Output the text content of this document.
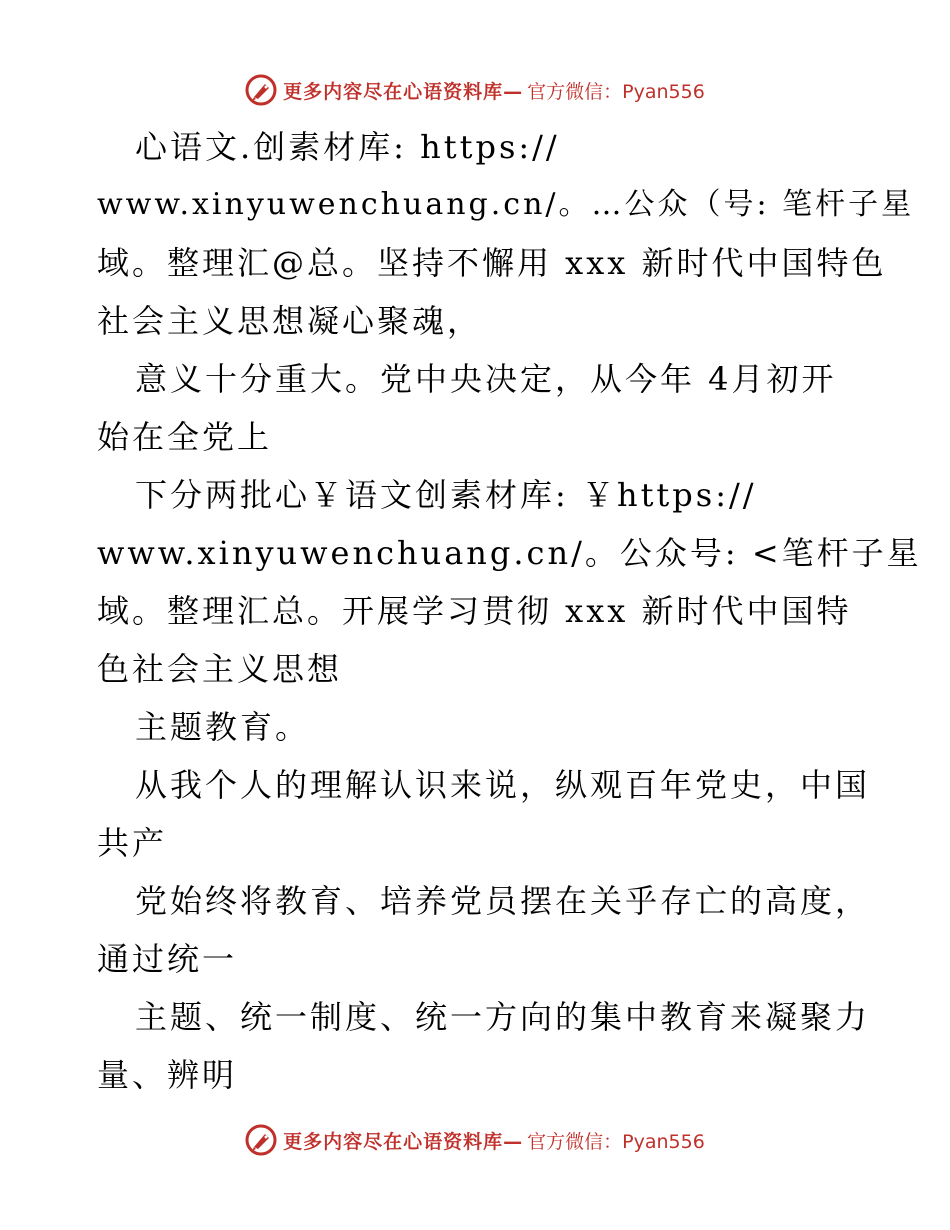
更多内容尽在心语资料库— 官方微信：Pyan556
心语文.创素材库: https://
www.xinyuwenchuang.cn/。…公众（号: 笔杆子星
域。整理汇@总。坚持不懈用 xxx 新时代中国特色
社会主义思想凝心聚魂，
意义十分重大。党中央决定，从今年 4月初开
始在全党上
下分两批心￥语文创素材库: ￥https://
www.xinyuwenchuang.cn/。公众号: <笔杆子星
域。整理汇总。开展学习贯彻 xxx 新时代中国特
色社会主义思想
主题教育。
从我个人的理解认识来说，纵观百年党史，中国
共产
党始终将教育、培养党员摆在关乎存亡的高度，
通过统一
主题、统一制度、统一方向的集中教育来凝聚力
量、辨明
更多内容尽在心语资料库— 官方微信：Pyan556
